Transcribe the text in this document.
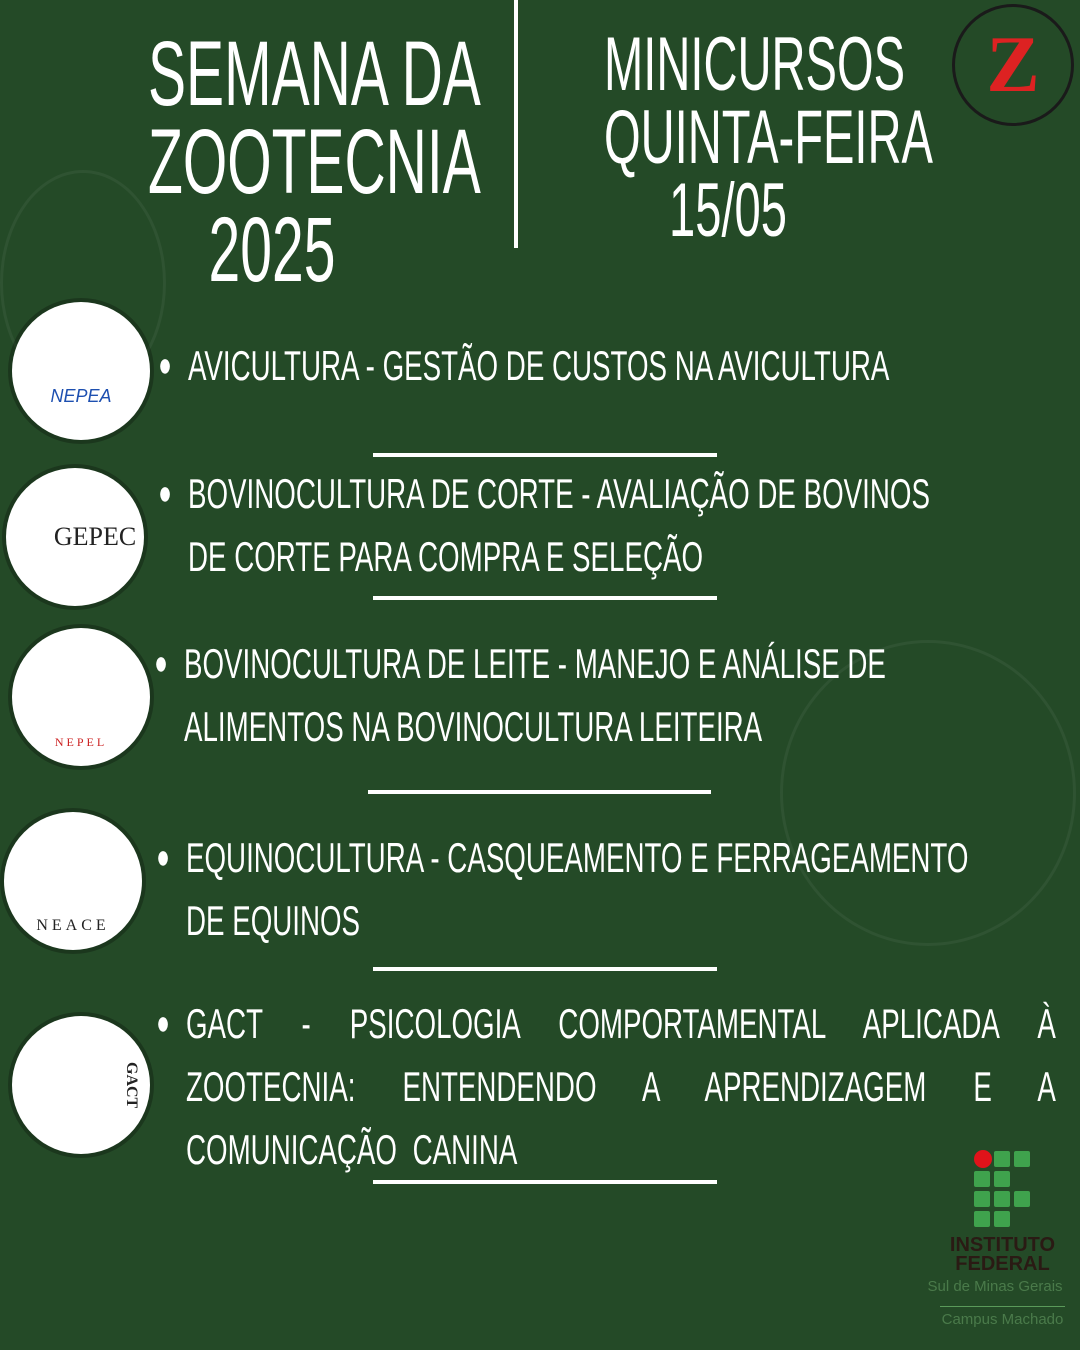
SEMANA DA
ZOOTECNIA
2025
MINICURSOS
QUINTA-FEIRA
15/05
Z
NEPEA
● AVICULTURA - GESTÃO DE CUSTOS NA AVICULTURA
GEPEC
● BOVINOCULTURA DE CORTE - AVALIAÇÃO DE BOVINOS
DE CORTE PARA COMPRA E SELEÇÃO
NEPEL
● BOVINOCULTURA DE LEITE - MANEJO E ANÁLISE DE
ALIMENTOS NA BOVINOCULTURA LEITEIRA
NEACE
● EQUINOCULTURA - CASQUEAMENTO E FERRAGEAMENTO
DE EQUINOS
GACT
● GACT - PSICOLOGIA COMPORTAMENTAL APLICADA À ZOOTECNIA: ENTENDENDO A APRENDIZAGEM E A COMUNICAÇÃO CANINA
INSTITUTO FEDERAL
Sul de Minas Gerais
Campus Machado
